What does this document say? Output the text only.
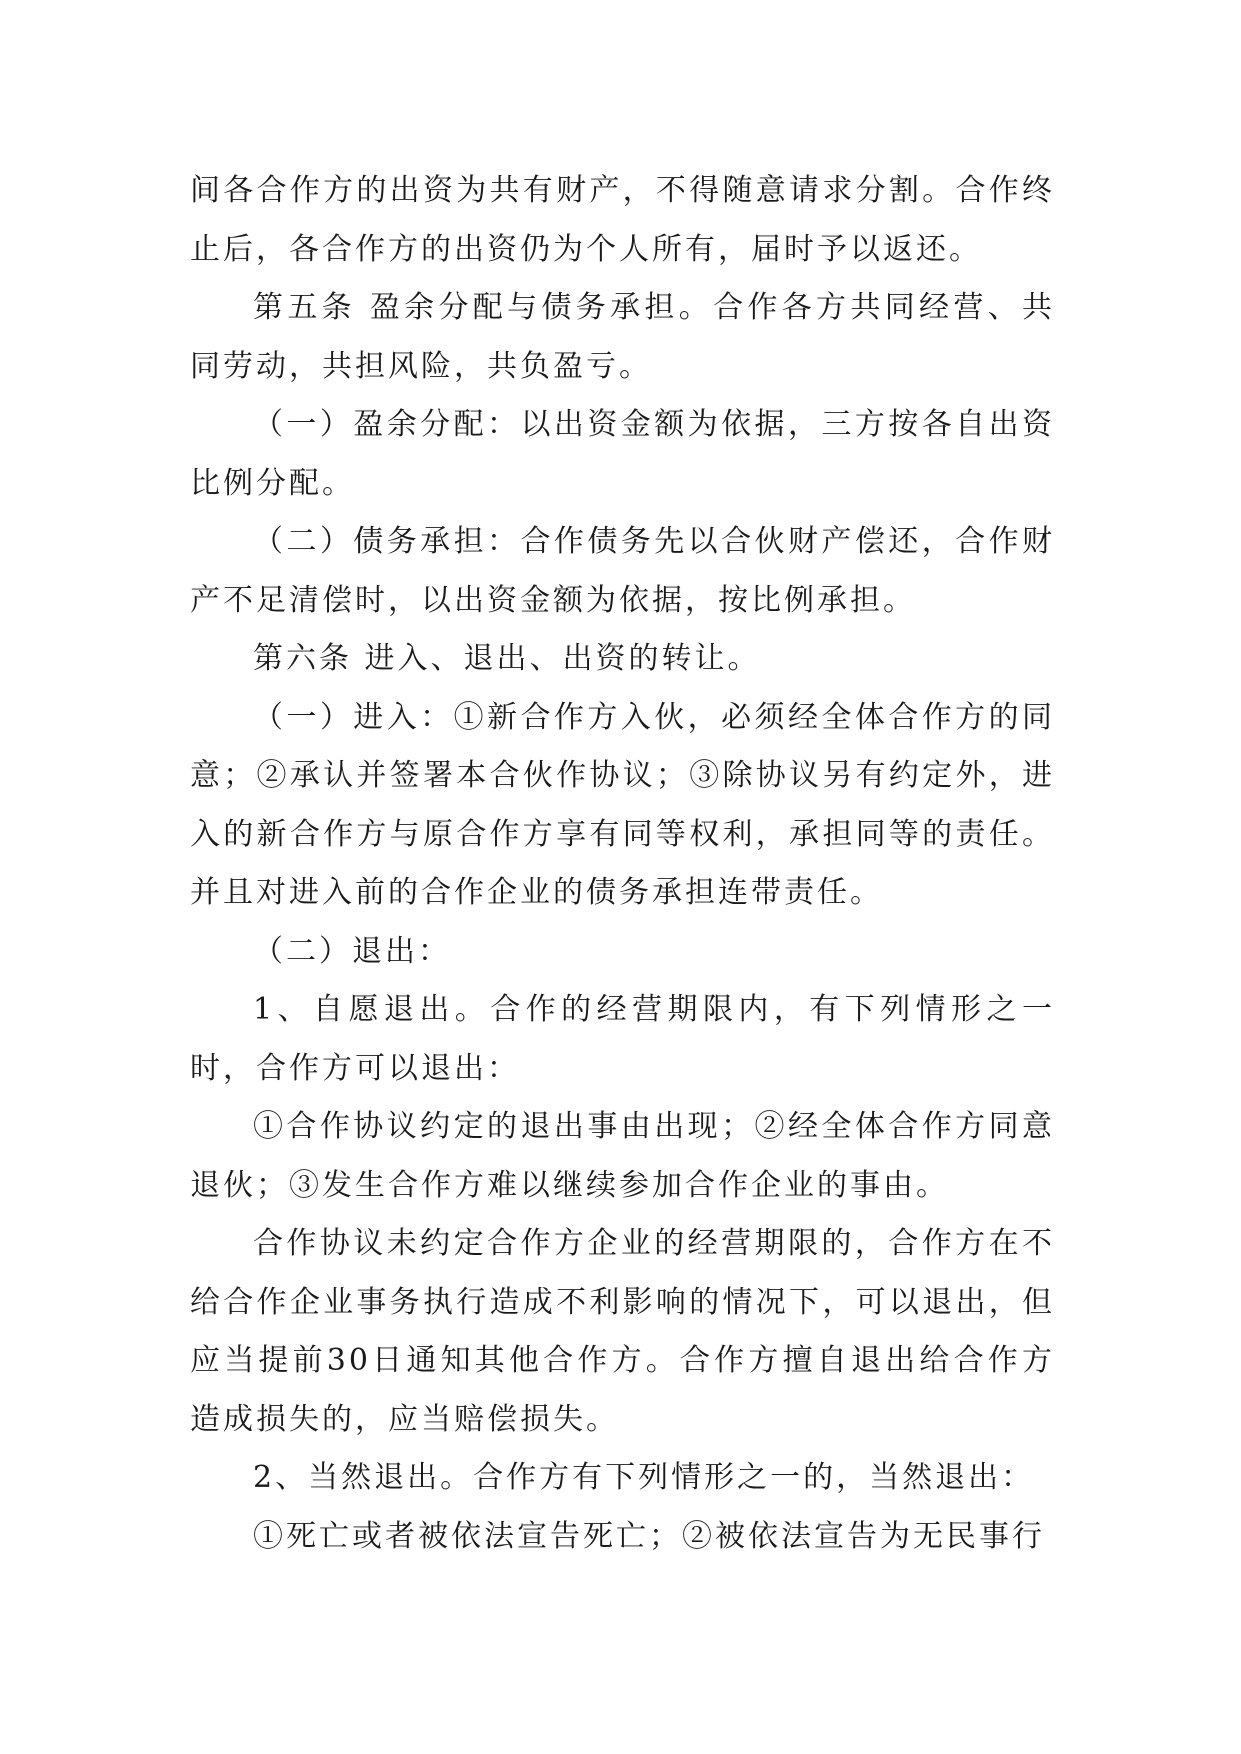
间各合作方的出资为共有财产，不得随意请求分割。合作终止后，各合作方的出资仍为个人所有，届时予以返还。

第五条 盈余分配与债务承担。合作各方共同经营、共同劳动，共担风险，共负盈亏。

（一）盈余分配：以出资金额为依据，三方按各自出资比例分配。

（二）债务承担：合作债务先以合伙财产偿还，合作财产不足清偿时，以出资金额为依据，按比例承担。

第六条 进入、退出、出资的转让。

（一）进入：①新合作方入伙，必须经全体合作方的同意；②承认并签署本合伙作协议；③除协议另有约定外，进入的新合作方与原合作方享有同等权利，承担同等的责任。并且对进入前的合作企业的债务承担连带责任。

（二）退出：

1、自愿退出。合作的经营期限内，有下列情形之一时，合作方可以退出：

①合作协议约定的退出事由出现；②经全体合作方同意退伙；③发生合作方难以继续参加合作企业的事由。

合作协议未约定合作方企业的经营期限的，合作方在不给合作企业事务执行造成不利影响的情况下，可以退出，但应当提前30日通知其他合作方。合作方擅自退出给合作方造成损失的，应当赔偿损失。

2、当然退出。合作方有下列情形之一的，当然退出：

①死亡或者被依法宣告死亡；②被依法宣告为无民事行
